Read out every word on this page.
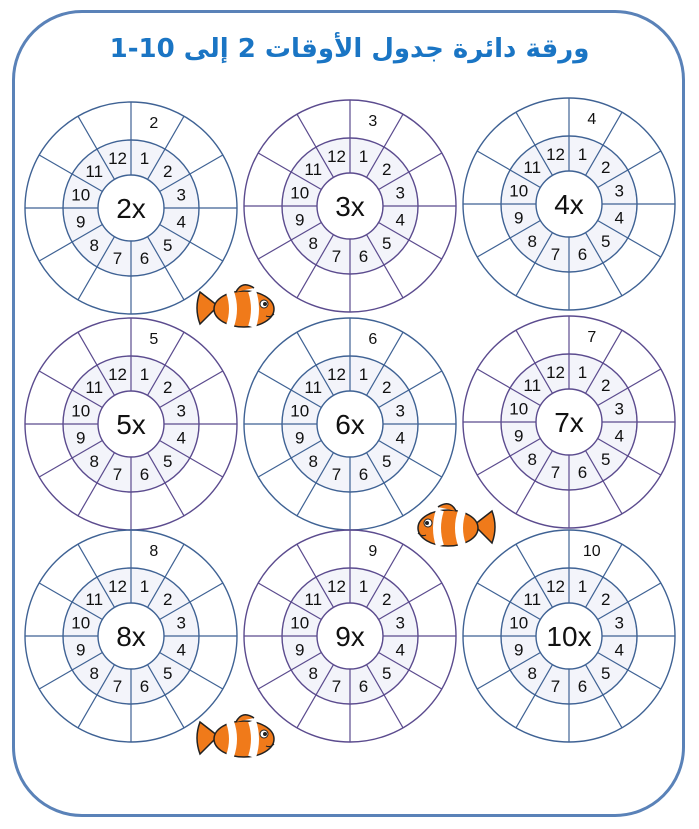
ورقة دائرة جدول الأوقات 2 إلى 10-1
1
2
3
4
5
6
7
8
9
10
11
12
2
2x
1
2
3
4
5
6
7
8
9
10
11
12
3
3x
1
2
3
4
5
6
7
8
9
10
11
12
4
4x
1
2
3
4
5
6
7
8
9
10
11
12
5
5x
1
2
3
4
5
6
7
8
9
10
11
12
6
6x
1
2
3
4
5
6
7
8
9
10
11
12
7
7x
1
2
3
4
5
6
7
8
9
10
11
12
8
8x
1
2
3
4
5
6
7
8
9
10
11
12
9
9x
1
2
3
4
5
6
7
8
9
10
11
12
10
10x
